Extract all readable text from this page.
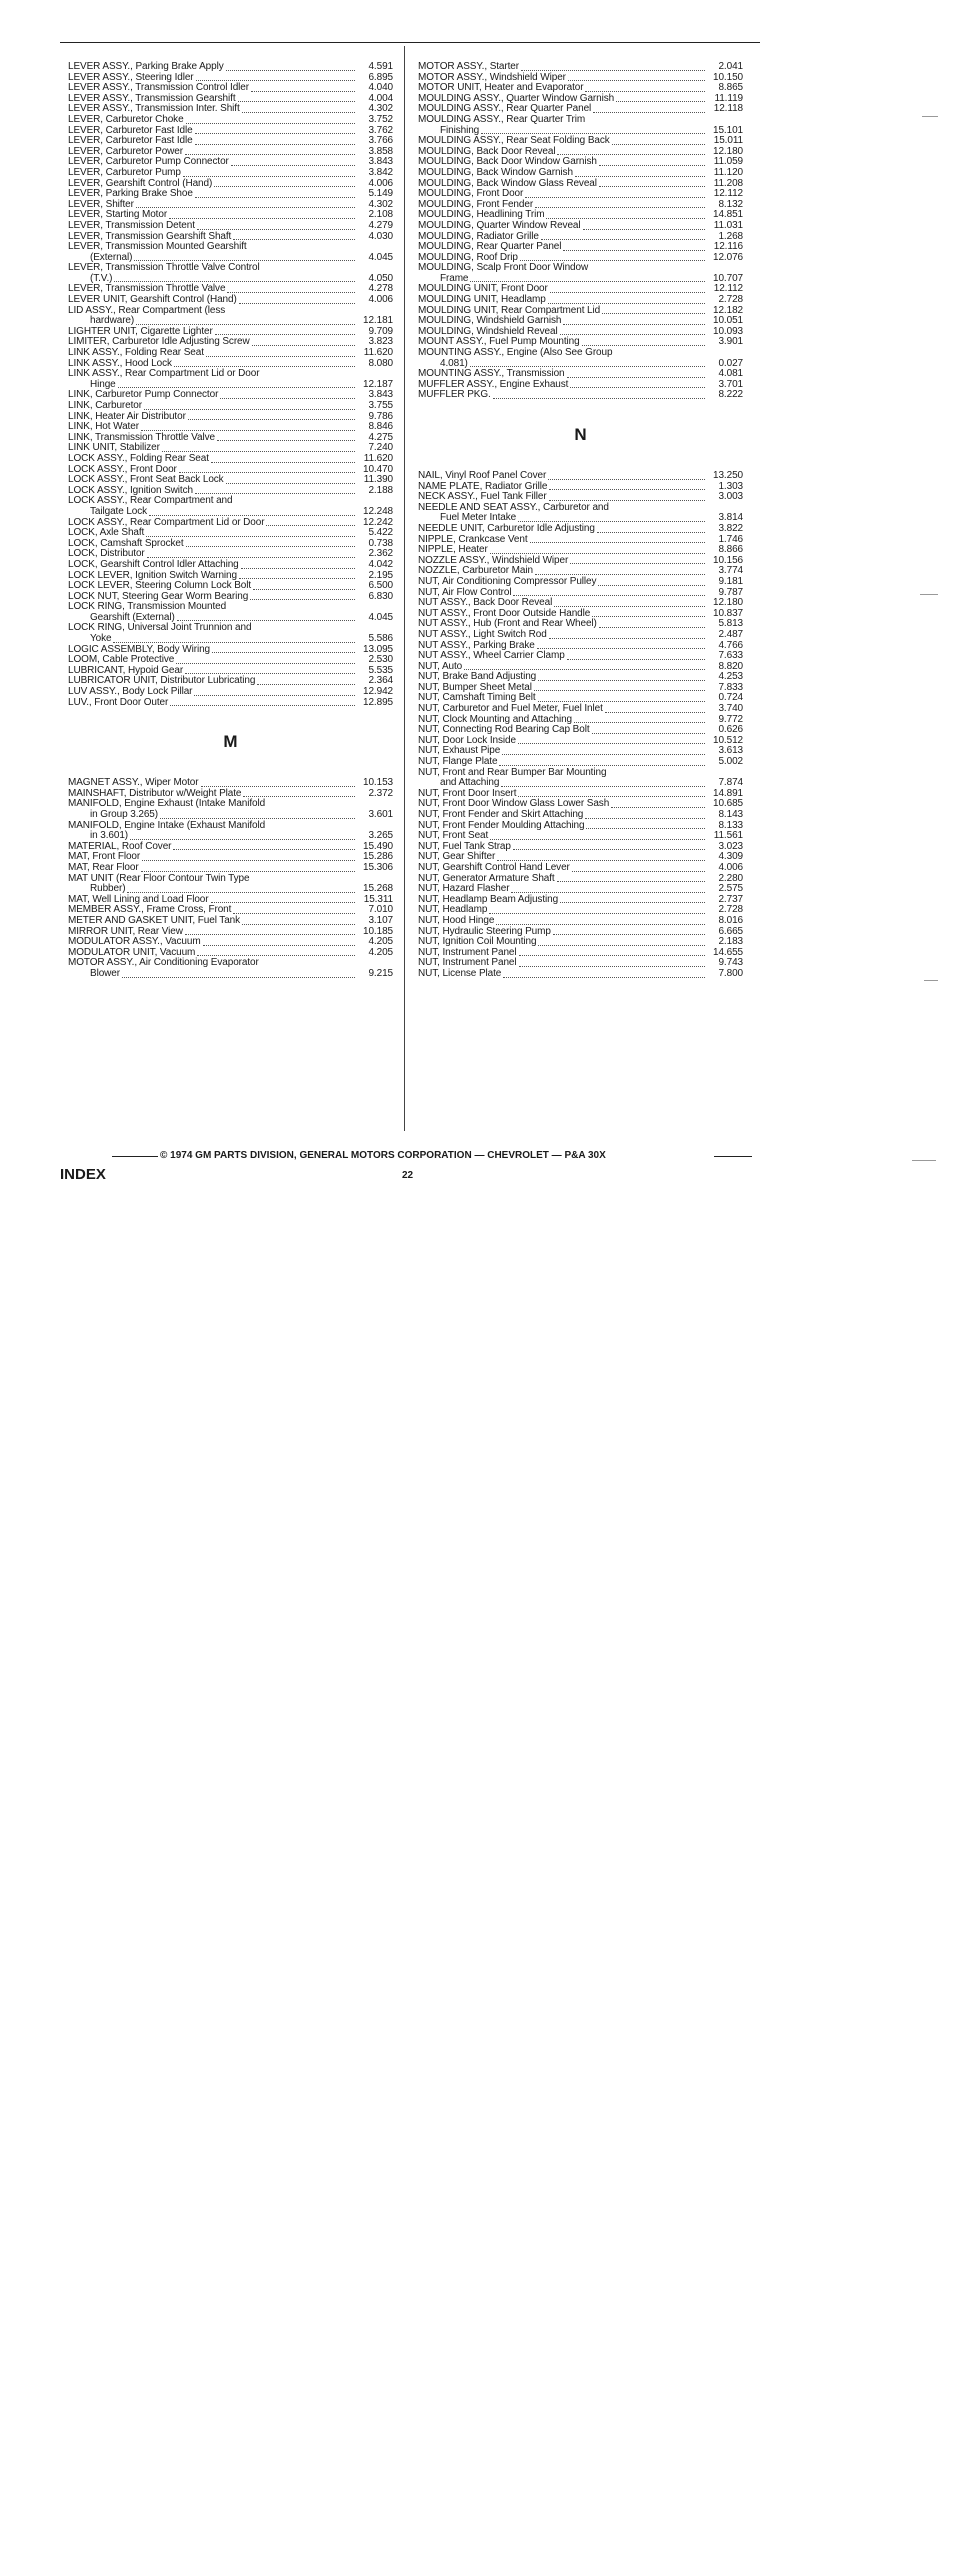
LEVER ASSY., Parking Brake Apply	4.591
LEVER ASSY., Steering Idler	6.895
LEVER ASSY., Transmission Control Idler	4.040
LEVER ASSY., Transmission Gearshift	4.004
LEVER ASSY., Transmission Inter. Shift	4.302
LEVER, Carburetor Choke	3.752
LEVER, Carburetor Fast Idle	3.762
LEVER, Carburetor Fast Idle	3.766
LEVER, Carburetor Power	3.858
LEVER, Carburetor Pump Connector	3.843
LEVER, Carburetor Pump	3.842
LEVER, Gearshift Control (Hand)	4.006
LEVER, Parking Brake Shoe	5.149
LEVER, Shifter	4.302
LEVER, Starting Motor	2.108
LEVER, Transmission Detent	4.279
LEVER, Transmission Gearshift Shaft	4.030
LEVER, Transmission Mounted Gearshift
(External)	4.045
LEVER, Transmission Throttle Valve Control
(T.V.)	4.050
LEVER, Transmission Throttle Valve	4.278
LEVER UNIT, Gearshift Control (Hand)	4.006
LID ASSY., Rear Compartment (less
hardware)	12.181
LIGHTER UNIT, Cigarette Lighter	9.709
LIMITER, Carburetor Idle Adjusting Screw	3.823
LINK ASSY., Folding Rear Seat	11.620
LINK ASSY., Hood Lock	8.080
LINK ASSY., Rear Compartment Lid or Door
Hinge	12.187
LINK, Carburetor Pump Connector	3.843
LINK, Carburetor	3.755
LINK, Heater Air Distributor	9.786
LINK, Hot Water	8.846
LINK, Transmission Throttle Valve	4.275
LINK UNIT, Stabilizer	7.240
LOCK ASSY., Folding Rear Seat	11.620
LOCK ASSY., Front Door	10.470
LOCK ASSY., Front Seat Back Lock	11.390
LOCK ASSY., Ignition Switch	2.188
LOCK ASSY., Rear Compartment and
Tailgate Lock	12.248
LOCK ASSY., Rear Compartment Lid or Door	12.242
LOCK, Axle Shaft	5.422
LOCK, Camshaft Sprocket	0.738
LOCK, Distributor	2.362
LOCK, Gearshift Control Idler Attaching	4.042
LOCK LEVER, Ignition Switch Warning	2.195
LOCK LEVER, Steering Column Lock Bolt	6.500
LOCK NUT, Steering Gear Worm Bearing	6.830
LOCK RING, Transmission Mounted
Gearshift (External)	4.045
LOCK RING, Universal Joint Trunnion and
Yoke	5.586
LOGIC ASSEMBLY, Body Wiring	13.095
LOOM, Cable Protective	2.530
LUBRICANT, Hypoid Gear	5.535
LUBRICATOR UNIT, Distributor Lubricating	2.364
LUV ASSY., Body Lock Pillar	12.942
LUV., Front Door Outer	12.895
M
MAGNET ASSY., Wiper Motor	10.153
MAINSHAFT, Distributor w/Weight Plate	2.372
MANIFOLD, Engine Exhaust (Intake Manifold
in Group 3.265)	3.601
MANIFOLD, Engine Intake (Exhaust Manifold
in 3.601)	3.265
MATERIAL, Roof Cover	15.490
MAT, Front Floor	15.286
MAT, Rear Floor	15.306
MAT UNIT (Rear Floor Contour Twin Type
Rubber)	15.268
MAT, Well Lining and Load Floor	15.311
MEMBER ASSY., Frame Cross, Front	7.010
METER AND GASKET UNIT, Fuel Tank	3.107
MIRROR UNIT, Rear View	10.185
MODULATOR ASSY., Vacuum	4.205
MODULATOR UNIT, Vacuum	4.205
MOTOR ASSY., Air Conditioning Evaporator
Blower	9.215
MOTOR ASSY., Starter	2.041
MOTOR ASSY., Windshield Wiper	10.150
MOTOR UNIT, Heater and Evaporator	8.865
MOULDING ASSY., Quarter Window Garnish	11.119
MOULDING ASSY., Rear Quarter Panel	12.118
MOULDING ASSY., Rear Quarter Trim
Finishing	15.101
MOULDING ASSY., Rear Seat Folding Back	15.011
MOULDING, Back Door Reveal	12.180
MOULDING, Back Door Window Garnish	11.059
MOULDING, Back Window Garnish	11.120
MOULDING, Back Window Glass Reveal	11.208
MOULDING, Front Door	12.112
MOULDING, Front Fender	8.132
MOULDING, Headlining Trim	14.851
MOULDING, Quarter Window Reveal	11.031
MOULDING, Radiator Grille	1.268
MOULDING, Rear Quarter Panel	12.116
MOULDING, Roof Drip	12.076
MOULDING, Scalp Front Door Window
Frame	10.707
MOULDING UNIT, Front Door	12.112
MOULDING UNIT, Headlamp	2.728
MOULDING UNIT, Rear Compartment Lid	12.182
MOULDING, Windshield Garnish	10.051
MOULDING, Windshield Reveal	10.093
MOUNT ASSY., Fuel Pump Mounting	3.901
MOUNTING ASSY., Engine (Also See Group
4.081)	0.027
MOUNTING ASSY., Transmission	4.081
MUFFLER ASSY., Engine Exhaust	3.701
MUFFLER PKG.	8.222
N
NAIL, Vinyl Roof Panel Cover	13.250
NAME PLATE, Radiator Grille	1.303
NECK ASSY., Fuel Tank Filler	3.003
NEEDLE AND SEAT ASSY., Carburetor and
Fuel Meter Intake	3.814
NEEDLE UNIT, Carburetor Idle Adjusting	3.822
NIPPLE, Crankcase Vent	1.746
NIPPLE, Heater	8.866
NOZZLE ASSY., Windshield Wiper	10.156
NOZZLE, Carburetor Main	3.774
NUT, Air Conditioning Compressor Pulley	9.181
NUT, Air Flow Control	9.787
NUT ASSY., Back Door Reveal	12.180
NUT ASSY., Front Door Outside Handle	10.837
NUT ASSY., Hub (Front and Rear Wheel)	5.813
NUT ASSY., Light Switch Rod	2.487
NUT ASSY., Parking Brake	4.766
NUT ASSY., Wheel Carrier Clamp	7.633
NUT, Auto	8.820
NUT, Brake Band Adjusting	4.253
NUT, Bumper Sheet Metal	7.833
NUT, Camshaft Timing Belt	0.724
NUT, Carburetor and Fuel Meter, Fuel Inlet	3.740
NUT, Clock Mounting and Attaching	9.772
NUT, Connecting Rod Bearing Cap Bolt	0.626
NUT, Door Lock Inside	10.512
NUT, Exhaust Pipe	3.613
NUT, Flange Plate	5.002
NUT, Front and Rear Bumper Bar Mounting
and Attaching	7.874
NUT, Front Door Insert	14.891
NUT, Front Door Window Glass Lower Sash	10.685
NUT, Front Fender and Skirt Attaching	8.143
NUT, Front Fender Moulding Attaching	8.133
NUT, Front Seat	11.561
NUT, Fuel Tank Strap	3.023
NUT, Gear Shifter	4.309
NUT, Gearshift Control Hand Lever	4.006
NUT, Generator Armature Shaft	2.280
NUT, Hazard Flasher	2.575
NUT, Headlamp Beam Adjusting	2.737
NUT, Headlamp	2.728
NUT, Hood Hinge	8.016
NUT, Hydraulic Steering Pump	6.665
NUT, Ignition Coil Mounting	2.183
NUT, Instrument Panel	14.655
NUT, Instrument Panel	9.743
NUT, License Plate	7.800
© 1974 GM PARTS DIVISION, GENERAL MOTORS CORPORATION — CHEVROLET — P&A 30X
INDEX	22
